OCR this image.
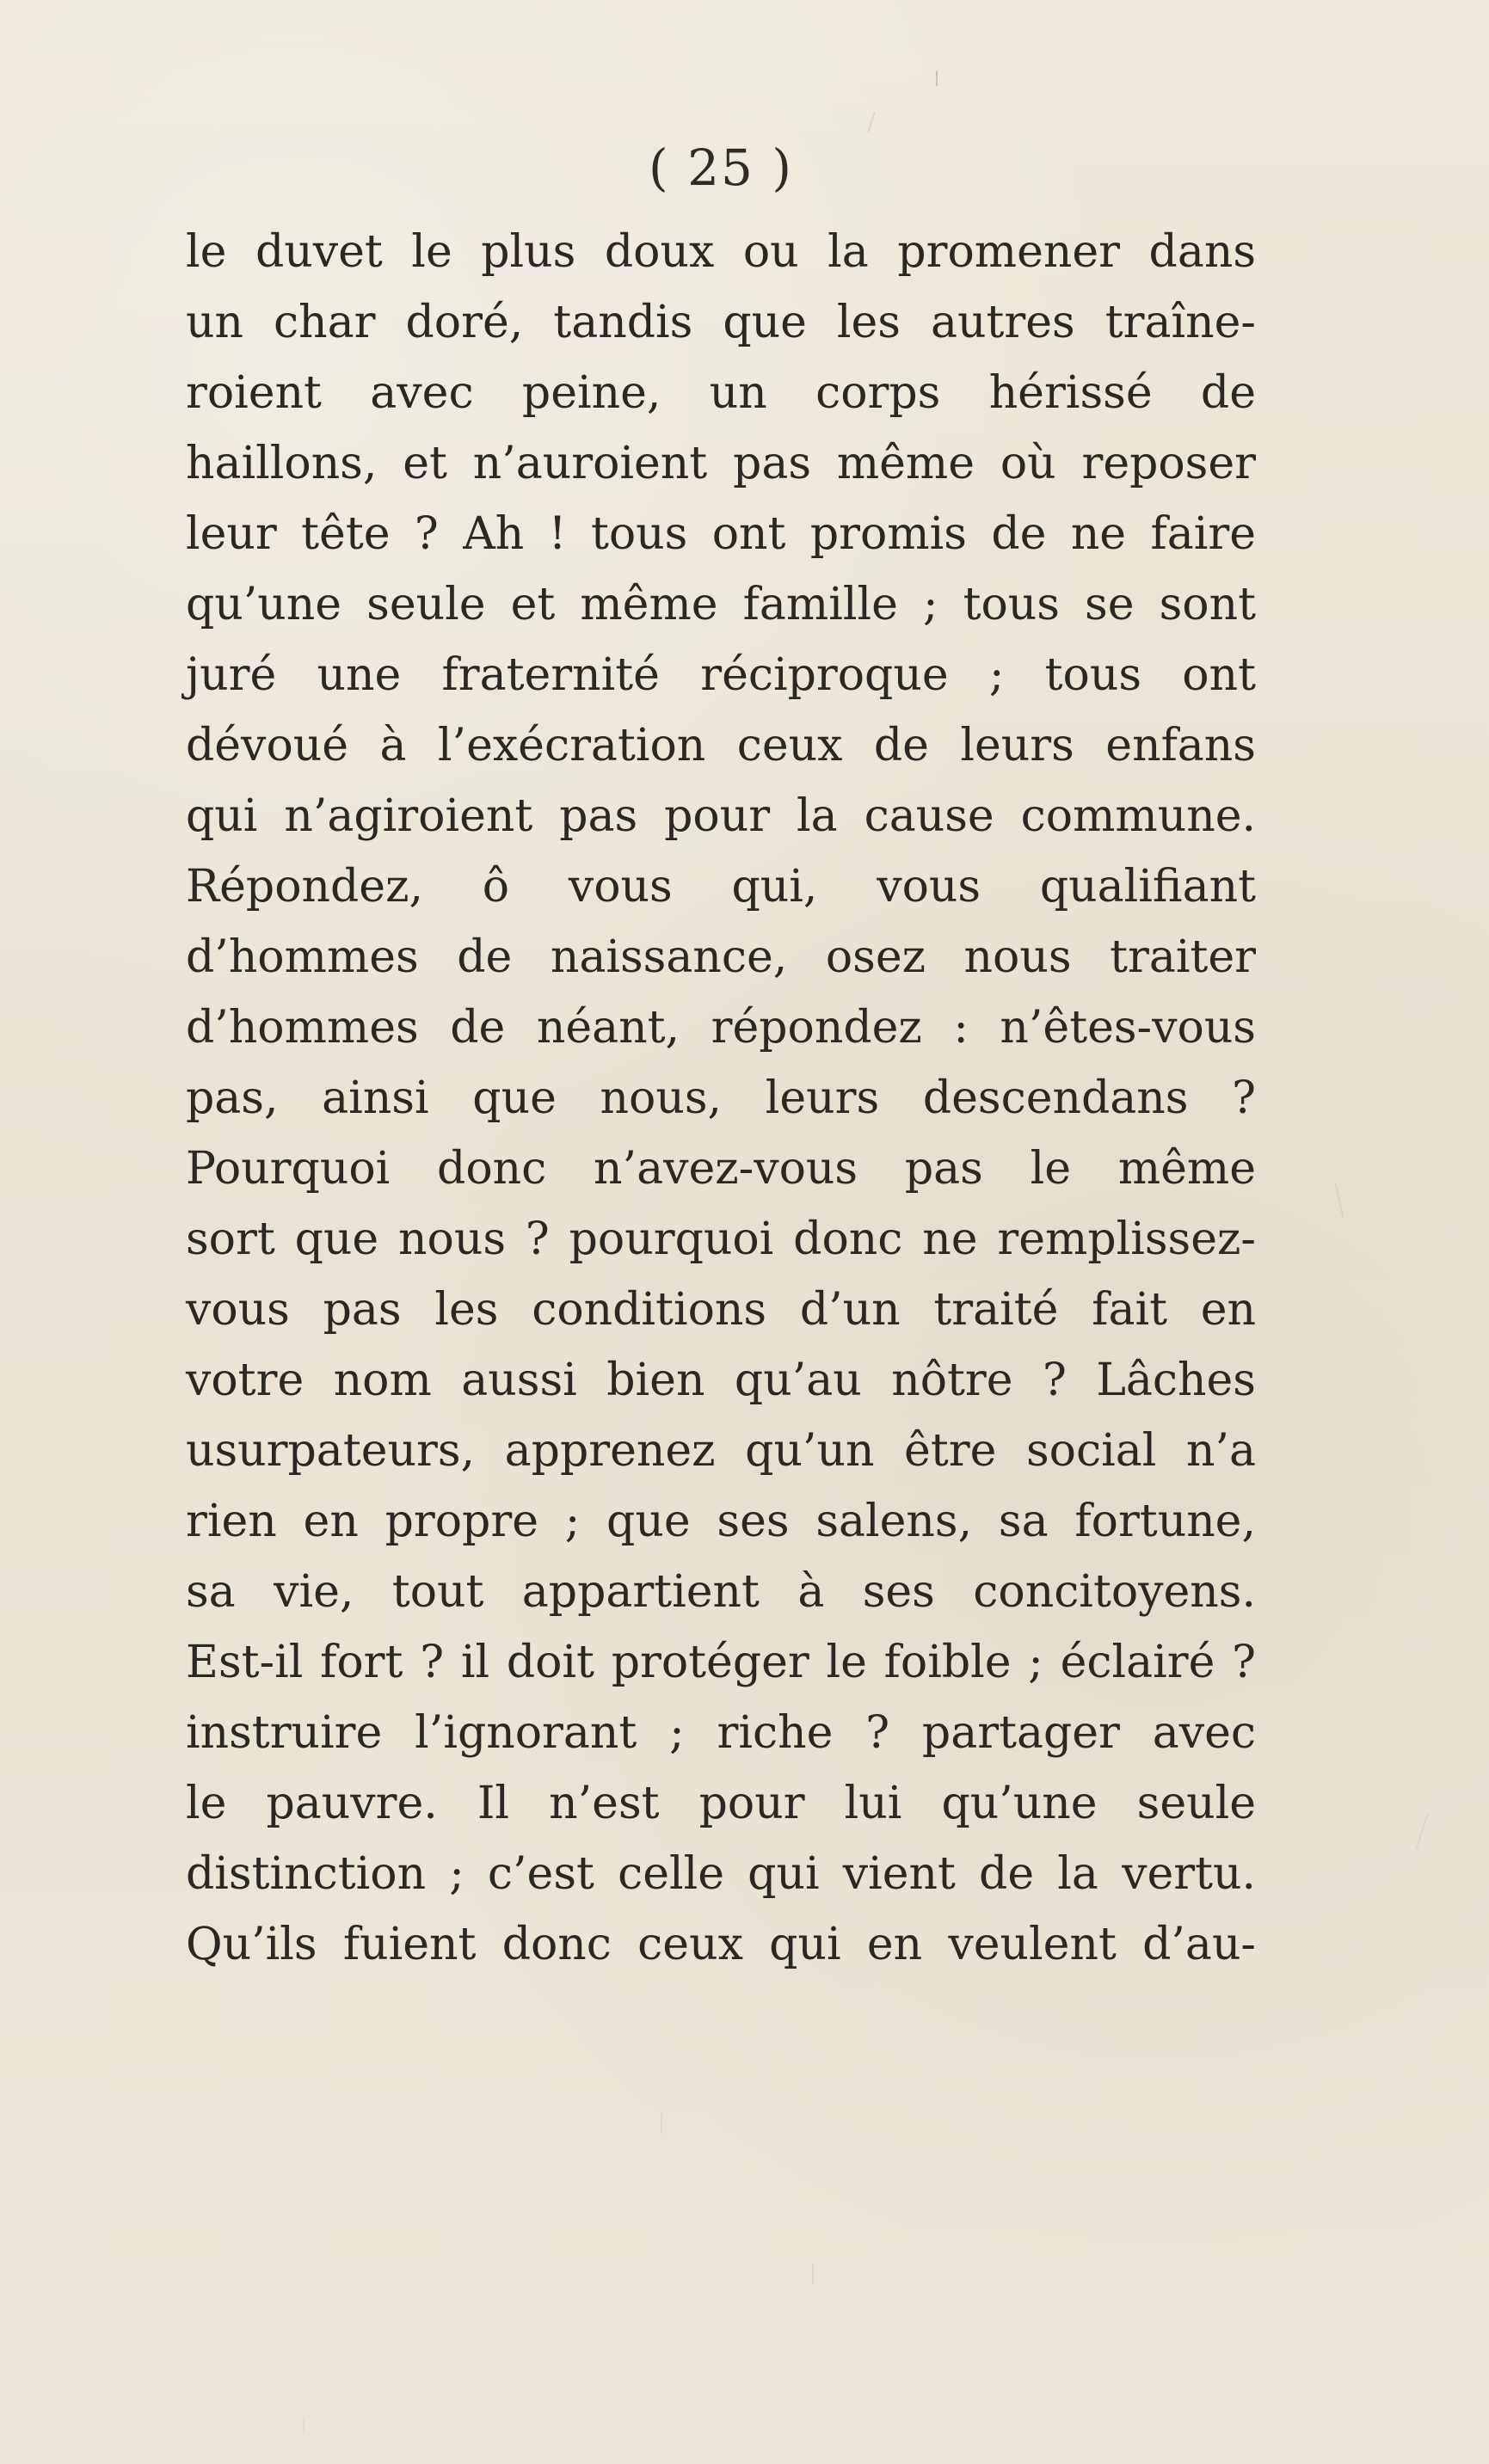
( 25 )
le duvet le plus doux ou la promener dans
un char doré, tandis que les autres traîne-
roient avec peine, un corps hérissé de
haillons, et n’auroient pas même où reposer
leur tête ? Ah ! tous ont promis de ne faire
qu’une seule et même famille ; tous se sont
juré une fraternité réciproque ; tous ont
dévoué à l’exécration ceux de leurs enfans
qui n’agiroient pas pour la cause commune.
Répondez, ô vous qui, vous qualifiant
d’hommes de naissance, osez nous traiter
d’hommes de néant, répondez : n’êtes-vous
pas, ainsi que nous, leurs descendans ?
Pourquoi donc n’avez-vous pas le même
sort que nous ? pourquoi donc ne remplissez-
vous pas les conditions d’un traité fait en
votre nom aussi bien qu’au nôtre ? Lâches
usurpateurs, apprenez qu’un être social n’a
rien en propre ; que ses salens, sa fortune,
sa vie, tout appartient à ses concitoyens.
Est-il fort ? il doit protéger le foible ; éclairé ?
instruire l’ignorant ; riche ? partager avec
le pauvre. Il n’est pour lui qu’une seule
distinction ; c’est celle qui vient de la vertu.
Qu’ils fuient donc ceux qui en veulent d’au-
